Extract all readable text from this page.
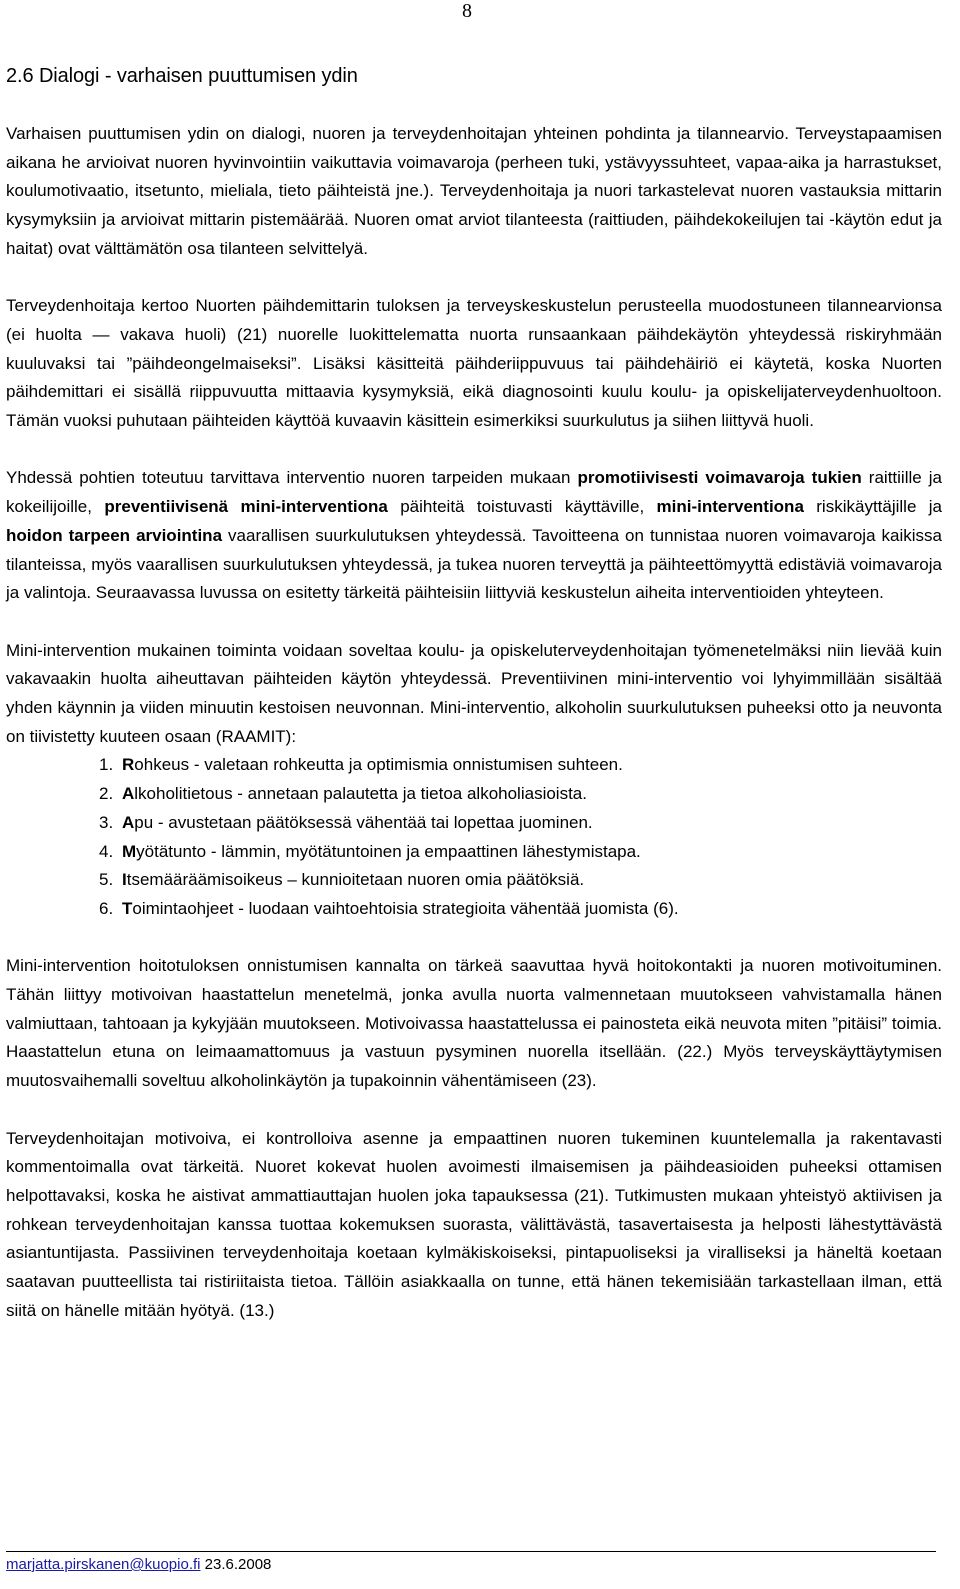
8
2.6 Dialogi - varhaisen puuttumisen ydin

Varhaisen puuttumisen ydin on dialogi, nuoren ja terveydenhoitajan yhteinen pohdinta ja tilannearvio. Terveystapaamisen aikana he arvioivat nuoren hyvinvointiin vaikuttavia voimavaroja (perheen tuki, ystävyyssuhteet, vapaa-aika ja harrastukset, koulumotivaatio, itsetunto, mieliala, tieto päihteistä jne.). Terveydenhoitaja ja nuori tarkastelevat nuoren vastauksia mittarin kysymyksiin ja arvioivat mittarin pistemäärää. Nuoren omat arviot tilanteesta (raittiuden, päihdekokeilujen tai -käytön edut ja haitat) ovat välttämätön osa tilanteen selvittelyä.

Terveydenhoitaja kertoo Nuorten päihdemittarin tuloksen ja terveyskeskustelun perusteella muodostuneen tilannearvionsa (ei huolta — vakava huoli) (21) nuorelle luokittelematta nuorta runsaankaan päihdekäytön yhteydessä riskiryhmään kuuluvaksi tai ”päihdeongelmaiseksi”. Lisäksi käsitteitä päihderiippuvuus tai päihdehäiriö ei käytetä, koska Nuorten päihdemittari ei sisällä riippuvuutta mittaavia kysymyksiä, eikä diagnosointi kuulu koulu- ja opiskelijaterveydenhuoltoon. Tämän vuoksi puhutaan päihteiden käyttöä kuvaavin käsittein esimerkiksi suurkulutus ja siihen liittyvä huoli.

Yhdessä pohtien toteutuu tarvittava interventio nuoren tarpeiden mukaan promotiivisesti voimavaroja tukien raittiille ja kokeilijoille, preventiivisenä mini-interventiona päihteitä toistuvasti käyttäville, mini-interventiona riskikäyttäjille ja hoidon tarpeen arviointina vaarallisen suurkulutuksen yhteydessä. Tavoitteena on tunnistaa nuoren voimavaroja kaikissa tilanteissa, myös vaarallisen suurkulutuksen yhteydessä, ja tukea nuoren terveyttä ja päihteettömyyttä edistäviä voimavaroja ja valintoja. Seuraavassa luvussa on esitetty tärkeitä päihteisiin liittyviä keskustelun aiheita interventioiden yhteyteen.

Mini-intervention mukainen toiminta voidaan soveltaa koulu- ja opiskeluterveydenhoitajan työmenetelmäksi niin lievää kuin vakavaakin huolta aiheuttavan päihteiden käytön yhteydessä. Preventiivinen mini-interventio voi lyhyimmillään sisältää yhden käynnin ja viiden minuutin kestoisen neuvonnan. Mini-interventio, alkoholin suurkulutuksen puheeksi otto ja neuvonta on tiivistetty kuuteen osaan (RAAMIT):

1. Rohkeus - valetaan rohkeutta ja optimismia onnistumisen suhteen.
2. Alkoholitietous - annetaan palautetta ja tietoa alkoholiasioista.
3. Apu - avustetaan päätöksessä vähentää tai lopettaa juominen.
4. Myötätunto - lämmin, myötätuntoinen ja empaattinen lähestymistapa.
5. Itsemääräämisoikeus – kunnioitetaan nuoren omia päätöksiä.
6. Toimintaohjeet - luodaan vaihtoehtoisia strategioita vähentää juomista (6).

Mini-intervention hoitotuloksen onnistumisen kannalta on tärkeä saavuttaa hyvä hoitokontakti ja nuoren motivoituminen. Tähän liittyy motivoivan haastattelun menetelmä, jonka avulla nuorta valmennetaan muutokseen vahvistamalla hänen valmiuttaan, tahtoaan ja kykyjään muutokseen. Motivoivassa haastattelussa ei painosteta eikä neuvota miten ”pitäisi” toimia. Haastattelun etuna on leimaamattomuus ja vastuun pysyminen nuorella itsellään. (22.) Myös terveyskäyttäytymisen muutosvaihemalli soveltuu alkoholinkäytön ja tupakoinnin vähentämiseen (23).

Terveydenhoitajan motivoiva, ei kontrolloiva asenne ja empaattinen nuoren tukeminen kuuntelemalla ja rakentavasti kommentoimalla ovat tärkeitä. Nuoret kokevat huolen avoimesti ilmaisemisen ja päihdeasioiden puheeksi ottamisen helpottavaksi, koska he aistivat ammattiauttajan huolen joka tapauksessa (21). Tutkimusten mukaan yhteistyö aktiivisen ja rohkean terveydenhoitajan kanssa tuottaa kokemuksen suorasta, välittävästä, tasavertaisesta ja helposti lähestyttävästä asiantuntijasta. Passiivinen terveydenhoitaja koetaan kylmäkiskoiseksi, pintapuoliseksi ja viralliseksi ja häneltä koetaan saatavan puutteellista tai ristiriitaista tietoa. Tällöin asiakkaalla on tunne, että hänen tekemisiään tarkastellaan ilman, että siitä on hänelle mitään hyötyä. (13.)

marjatta.pirskanen@kuopio.fi 23.6.2008
